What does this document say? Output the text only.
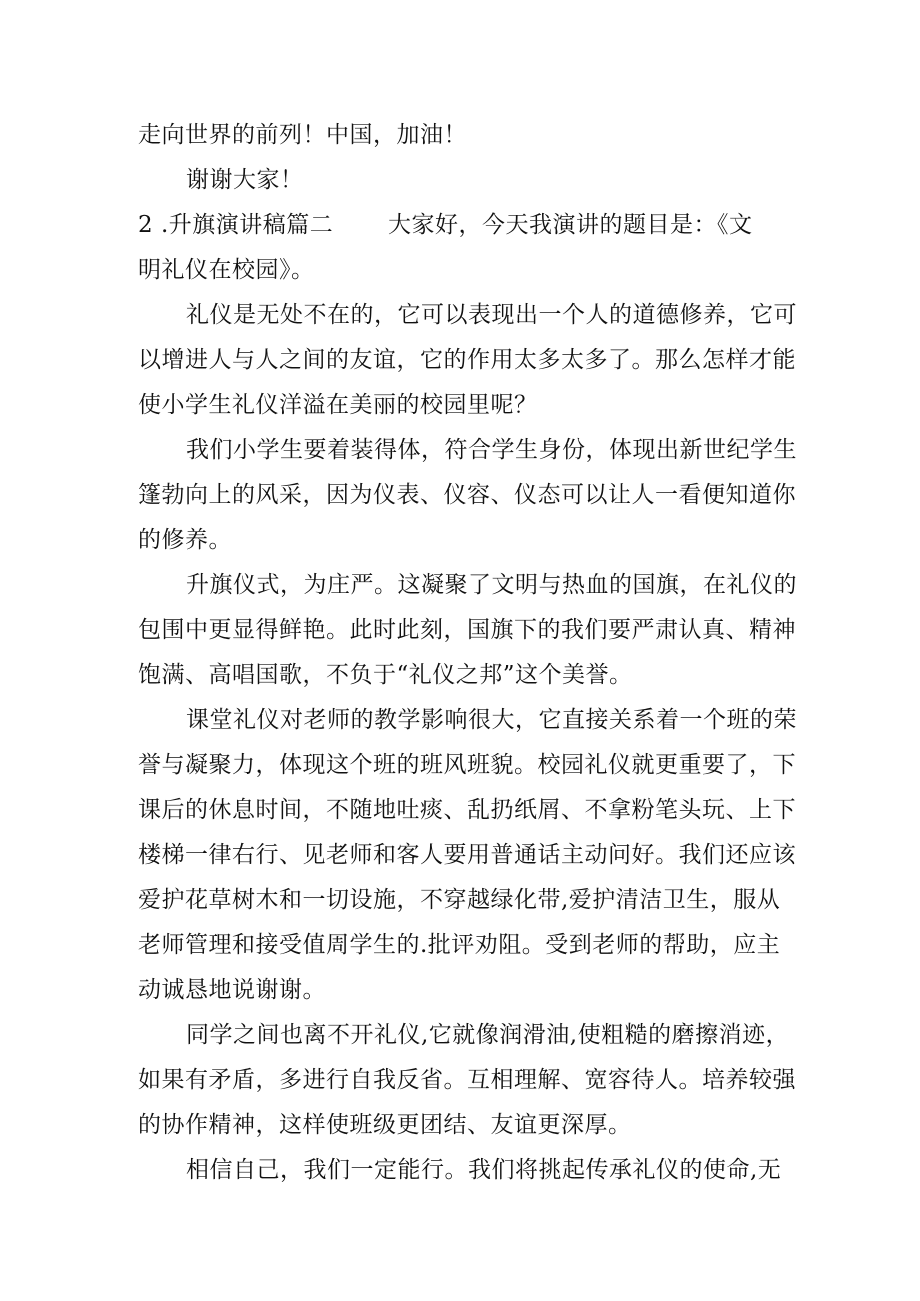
走向世界的前列！中国，加油！
谢谢大家！
2 .升旗演讲稿篇二	大家好，今天我演讲的题目是：《文
明礼仪在校园》。
礼仪是无处不在的，它可以表现出一个人的道德修养，它可
以增进人与人之间的友谊，它的作用太多太多了。那么怎样才能
使小学生礼仪洋溢在美丽的校园里呢？
我们小学生要着装得体，符合学生身份，体现出新世纪学生
篷勃向上的风采，因为仪表、仪容、仪态可以让人一看便知道你
的修养。
升旗仪式，为庄严。这凝聚了文明与热血的国旗，在礼仪的
包围中更显得鲜艳。此时此刻，国旗下的我们要严肃认真、精神
饱满、高唱国歌，不负于“礼仪之邦”这个美誉。
课堂礼仪对老师的教学影响很大，它直接关系着一个班的荣
誉与凝聚力，体现这个班的班风班貌。校园礼仪就更重要了，下
课后的休息时间，不随地吐痰、乱扔纸屑、不拿粉笔头玩、上下
楼梯一律右行、见老师和客人要用普通话主动问好。我们还应该
爱护花草树木和一切设施，不穿越绿化带,爱护清洁卫生，服从
老师管理和接受值周学生的.批评劝阻。受到老师的帮助，应主
动诚恳地说谢谢。
同学之间也离不开礼仪,它就像润滑油,使粗糙的磨擦消迹，
如果有矛盾，多进行自我反省。互相理解、宽容待人。培养较强
的协作精神，这样使班级更团结、友谊更深厚。
相信自己，我们一定能行。我们将挑起传承礼仪的使命,无
